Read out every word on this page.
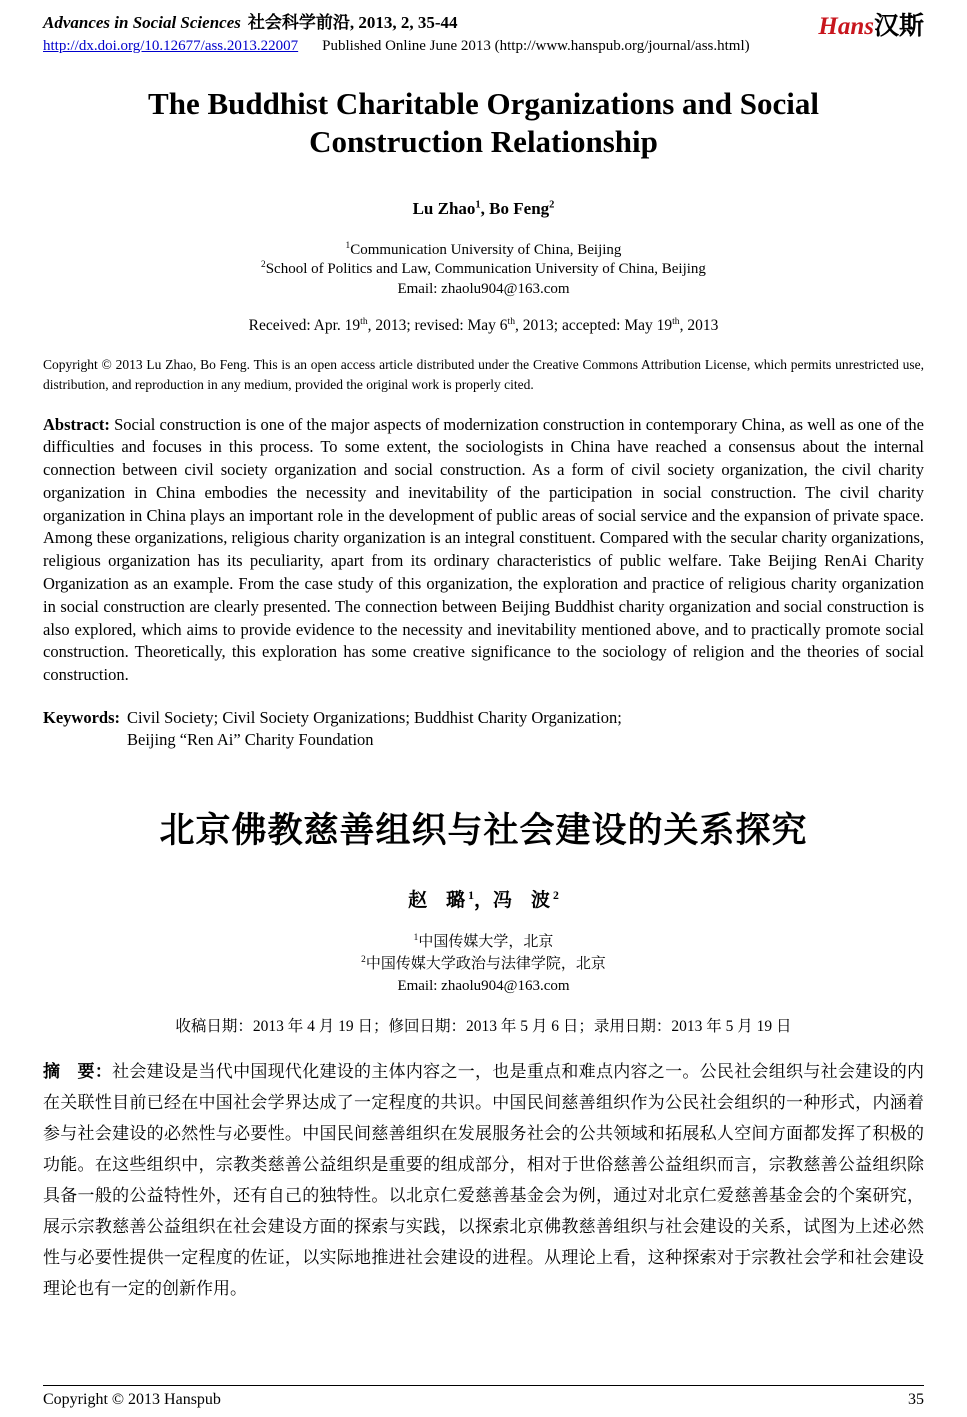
Advances in Social Sciences 社会科学前沿, 2013, 2, 35-44
http://dx.doi.org/10.12677/ass.2013.22007 Published Online June 2013 (http://www.hanspub.org/journal/ass.html)
Hans汉斯
The Buddhist Charitable Organizations and Social
Construction Relationship
Lu Zhao$^1$, Bo Feng$^2$
$^1$Communication University of China, Beijing
$^2$School of Politics and Law, Communication University of China, Beijing
Email: zhaolu904@163.com
Received: Apr. 19th, 2013; revised: May 6th, 2013; accepted: May 19th, 2013

Copyright © 2013 Lu Zhao, Bo Feng. This is an open access article distributed under the Creative Commons Attribution License, which permits unrestricted use, distribution, and reproduction in any medium, provided the original work is properly cited.

Abstract: Social construction is one of the major aspects of modernization construction in contemporary China, as well as one of the difficulties and focuses in this process. To some extent, the sociologists in China have reached a consensus about the internal connection between civil society organization and social construction. As a form of civil society organization, the civil charity organization in China embodies the necessity and inevitability of the participation in social construction. The civil charity organization in China plays an important role in the development of public areas of social service and the expansion of private space. Among these organizations, religious charity organization is an integral constituent. Compared with the secular charity organizations, religious organization has its peculiarity, apart from its ordinary characteristics of public welfare. Take Beijing RenAi Charity Organization as an example. From the case study of this organization, the exploration and practice of religious charity organization in social construction are clearly presented. The connection between Beijing Buddhist charity organization and social construction is also explored, which aims to provide evidence to the necessity and inevitability mentioned above, and to practically promote social construction. Theoretically, this exploration has some creative significance to the sociology of religion and the theories of social construction.

Keywords: Civil Society; Civil Society Organizations; Buddhist Charity Organization;
Beijing “Ren Ai” Charity Foundation
北京佛教慈善组织与社会建设的关系探究
赵　璐 $^1$，冯　波 $^2$
$^1$中国传媒大学，北京
$^2$中国传媒大学政治与法律学院，北京
Email: zhaolu904@163.com
收稿日期：2013 年 4 月 19 日；修回日期：2013 年 5 月 6 日；录用日期：2013 年 5 月 19 日

摘　要：社会建设是当代中国现代化建设的主体内容之一，也是重点和难点内容之一。公民社会组织与社会建设的内在关联性目前已经在中国社会学界达成了一定程度的共识。中国民间慈善组织作为公民社会组织的一种形式，内涵着参与社会建设的必然性与必要性。中国民间慈善组织在发展服务社会的公共领域和拓展私人空间方面都发挥了积极的功能。在这些组织中，宗教类慈善公益组织是重要的组成部分，相对于世俗慈善公益组织而言，宗教慈善公益组织除具备一般的公益特性外，还有自己的独特性。以北京仁爱慈善基金会为例，通过对北京仁爱慈善基金会的个案研究，展示宗教慈善公益组织在社会建设方面的探索与实践，以探索北京佛教慈善组织与社会建设的关系，试图为上述必然性与必要性提供一定程度的佐证，以实际地推进社会建设的进程。从理论上看，这种探索对于宗教社会学和社会建设理论也有一定的创新作用。

Copyright © 2013 Hanspub	35
